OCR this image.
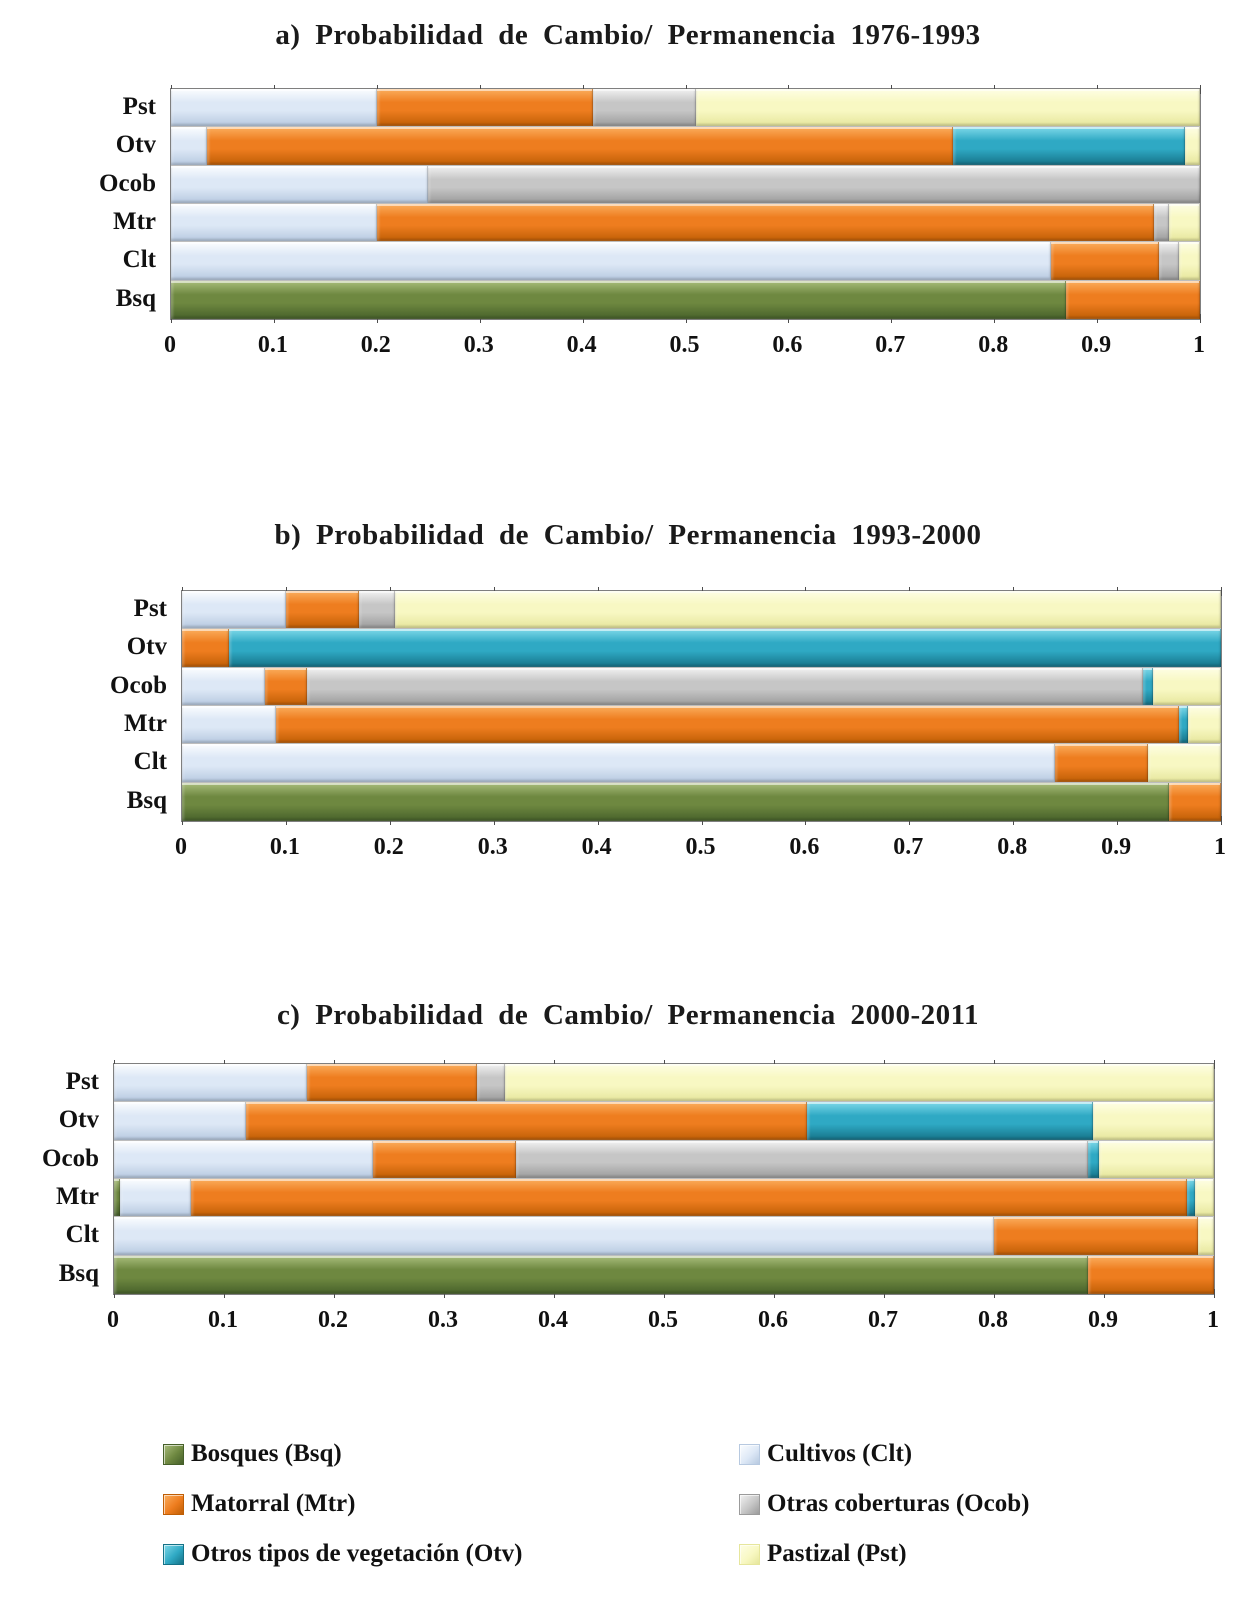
a) Probabilidad de Cambio/ Permanencia 1976-1993
Pst
Otv
Ocob
Mtr
Clt
Bsq
0	0.1	0.2	0.3	0.4	0.5	0.6	0.7	0.8	0.9	1
b) Probabilidad de Cambio/ Permanencia 1993-2000
Pst
Otv
Ocob
Mtr
Clt
Bsq
0	0.1	0.2	0.3	0.4	0.5	0.6	0.7	0.8	0.9	1
c) Probabilidad de Cambio/ Permanencia 2000-2011
Pst
Otv
Ocob
Mtr
Clt
Bsq
0	0.1	0.2	0.3	0.4	0.5	0.6	0.7	0.8	0.9	1
Bosques (Bsq)
Matorral (Mtr)
Otros tipos de vegetación (Otv)
Cultivos (Clt)
Otras coberturas (Ocob)
Pastizal (Pst)
